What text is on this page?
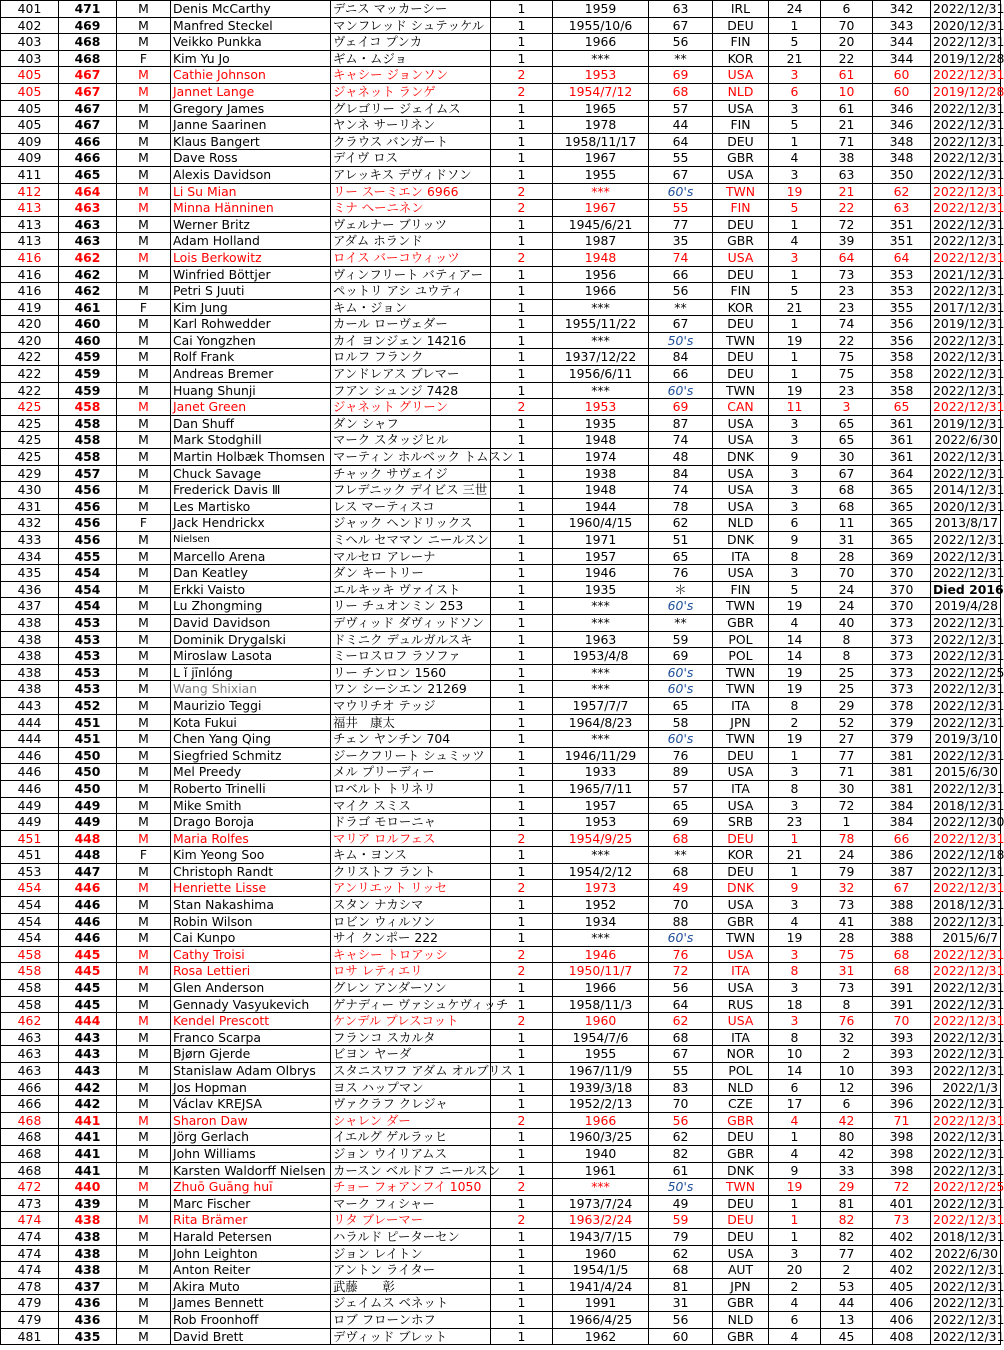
401	471	M	Denis McCarthy	デニス マッカーシー	1	1959	63	IRL	24	6	342	2022/12/31
402	469	M	Manfred Steckel	マンフレッド シュテッケル	1	1955/10/6	67	DEU	1	70	343	2020/12/31
403	468	M	Veikko Punkka	ヴェイコ プンカ	1	1966	56	FIN	5	20	344	2022/12/31
403	468	F	Kim Yu Jo	ギム・ムジョ	1	***	**	KOR	21	22	344	2019/12/28
405	467	M	Cathie Johnson	キャシー ジョンソン	2	1953	69	USA	3	61	60	2022/12/31
405	467	M	Jannet Lange	ジャネット ランゲ	2	1954/7/12	68	NLD	6	10	60	2019/12/28
405	467	M	Gregory James	グレゴリー ジェイムス	1	1965	57	USA	3	61	346	2022/12/31
405	467	M	Janne Saarinen	ヤンネ サーリネン	1	1978	44	FIN	5	21	346	2022/12/31
409	466	M	Klaus Bangert	クラウス バンガート	1	1958/11/17	64	DEU	1	71	348	2022/12/31
409	466	M	Dave Ross	デイヴ ロス	1	1967	55	GBR	4	38	348	2022/12/31
411	465	M	Alexis Davidson	アレッキス デヴィドソン	1	1955	67	USA	3	63	350	2022/12/31
412	464	M	Li Su Mian	リー スーミエン 6966	2	***	60's	TWN	19	21	62	2022/12/31
413	463	M	Minna Hänninen	ミナ へーニネン	2	1967	55	FIN	5	22	63	2022/12/31
413	463	M	Werner Britz	ヴェルナー ブリッツ	1	1945/6/21	77	DEU	1	72	351	2022/12/31
413	463	M	Adam Holland	アダム ホランド	1	1987	35	GBR	4	39	351	2022/12/31
416	462	M	Lois Berkowitz	ロイス バーコウィッツ	2	1948	74	USA	3	64	64	2022/12/31
416	462	M	Winfried Böttjer	ヴィンフリート バティアー	1	1956	66	DEU	1	73	353	2021/12/31
416	462	M	Petri S Juuti	ペットリ アシ ユウティ	1	1966	56	FIN	5	23	353	2022/12/31
419	461	F	Kim Jung	キム・ジョン	1	***	**	KOR	21	23	355	2017/12/31
420	460	M	Karl Rohwedder	カール ローヴェダー	1	1955/11/22	67	DEU	1	74	356	2019/12/31
420	460	M	Cai Yongzhen	カイ ヨンジェン 14216	1	***	50's	TWN	19	22	356	2022/12/31
422	459	M	Rolf Frank	ロルフ フランク	1	1937/12/22	84	DEU	1	75	358	2022/12/31
422	459	M	Andreas Bremer	アンドレアス ブレマー	1	1956/6/11	66	DEU	1	75	358	2022/12/31
422	459	M	Huang Shunji	フアン シュンジ 7428	1	***	60's	TWN	19	23	358	2022/12/31
425	458	M	Janet Green	ジャネット グリーン	2	1953	69	CAN	11	3	65	2022/12/31
425	458	M	Dan Shuff	ダン シャフ	1	1935	87	USA	3	65	361	2019/12/31
425	458	M	Mark Stodghill	マーク スタッジヒル	1	1948	74	USA	3	65	361	2022/6/30
425	458	M	Martin Holbæk Thomsen	マーティン ホルベック トムスン	1	1974	48	DNK	9	30	361	2022/12/31
429	457	M	Chuck Savage	チャック サヴェイジ	1	1938	84	USA	3	67	364	2022/12/31
430	456	M	Frederick Davis Ⅲ	フレデニック デイビス 三世	1	1948	74	USA	3	68	365	2014/12/31
431	456	M	Les Martisko	レス マーティスコ	1	1944	78	USA	3	68	365	2020/12/31
432	456	F	Jack Hendrickx	ジャック ヘンドリックス	1	1960/4/15	62	NLD	6	11	365	2013/8/17
433	456	M	Nielsen	ミヘル セママン ニールスン	1	1971	51	DNK	9	31	365	2022/12/31
434	455	M	Marcello Arena	マルセロ アレーナ	1	1957	65	ITA	8	28	369	2022/12/31
435	454	M	Dan Keatley	ダン キートリー	1	1946	76	USA	3	70	370	2022/12/31
436	454	M	Erkki Vaisto	エルキッキ ヴァイスト	1	1935	＊	FIN	5	24	370	Died 2016
437	454	M	Lu Zhongming	リー チュオンミン 253	1	***	60's	TWN	19	24	370	2019/4/28
438	453	M	David Davidson	デヴィッド ダヴィッドソン	1	***	**	GBR	4	40	373	2022/12/31
438	453	M	Dominik Drygalski	ドミニク デュルガルスキ	1	1963	59	POL	14	8	373	2022/12/31
438	453	M	Miroslaw Lasota	ミーロスロフ ラソファ	1	1953/4/8	69	POL	14	8	373	2022/12/31
438	453	M	L ǐ jīnlóng	リー チンロン 1560	1	***	60's	TWN	19	25	373	2022/12/25
438	453	M	Wang Shixian	ワン シーシエン 21269	1	***	60's	TWN	19	25	373	2022/12/31
443	452	M	Maurizio Teggi	マウリチオ テッジ	1	1957/7/7	65	ITA	8	29	378	2022/12/31
444	451	M	Kota Fukui	福井　康太	1	1964/8/23	58	JPN	2	52	379	2022/12/31
444	451	M	Chen Yang Qing	チェン ヤンチン 704	1	***	60's	TWN	19	27	379	2019/3/10
446	450	M	Siegfried Schmitz	ジークフリート シュミッツ	1	1946/11/29	76	DEU	1	77	381	2022/12/31
446	450	M	Mel Preedy	メル プリーディー	1	1933	89	USA	3	71	381	2015/6/30
446	450	M	Roberto Trinelli	ロベルト トリネリ	1	1965/7/11	57	ITA	8	30	381	2022/12/31
449	449	M	Mike Smith	マイク スミス	1	1957	65	USA	3	72	384	2018/12/31
449	449	M	Drago Boroja	ドラゴ モローニャ	1	1953	69	SRB	23	1	384	2022/12/30
451	448	M	Maria Rolfes	マリア ロルフェス	2	1954/9/25	68	DEU	1	78	66	2022/12/31
451	448	F	Kim Yeong Soo	キム・ヨンス	1	***	**	KOR	21	24	386	2022/12/18
453	447	M	Christoph Randt	クリストフ ラント	1	1954/2/12	68	DEU	1	79	387	2022/12/31
454	446	M	Henriette Lisse	アンリエット リッセ	2	1973	49	DNK	9	32	67	2022/12/31
454	446	M	Stan Nakashima	スタン ナカシマ	1	1952	70	USA	3	73	388	2018/12/31
454	446	M	Robin Wilson	ロビン ウィルソン	1	1934	88	GBR	4	41	388	2022/12/31
454	446	M	Cai Kunpo	サイ クンポー 222	1	***	60's	TWN	19	28	388	2015/6/7
458	445	M	Cathy Troisi	キャシー トロアッシ	2	1946	76	USA	3	75	68	2022/12/31
458	445	M	Rosa Lettieri	ロサ レティエリ	2	1950/11/7	72	ITA	8	31	68	2022/12/31
458	445	M	Glen Anderson	グレン アンダーソン	1	1966	56	USA	3	73	391	2022/12/31
458	445	M	Gennady Vasyukevich	ゲナディー ヴァシュケヴィッチ	1	1958/11/3	64	RUS	18	8	391	2022/12/31
462	444	M	Kendel Prescott	ケンデル プレスコット	2	1960	62	USA	3	76	70	2022/12/31
463	443	M	Franco Scarpa	フランコ スカルタ	1	1954/7/6	68	ITA	8	32	393	2022/12/31
463	443	M	Bjørn Gjerde	ビヨン ヤーダ	1	1955	67	NOR	10	2	393	2022/12/31
463	443	M	Stanislaw Adam Olbrys	スタニスワフ アダム オルブリス	1	1967/11/9	55	POL	14	10	393	2022/12/31
466	442	M	Jos Hopman	ヨス ハップマン	1	1939/3/18	83	NLD	6	12	396	2022/1/3
466	442	M	Václav KREJSA	ヴァクラフ クレジャ	1	1952/2/13	70	CZE	17	6	396	2022/12/31
468	441	M	Sharon Daw	シャレン ダー	2	1966	56	GBR	4	42	71	2022/12/31
468	441	M	Jörg Gerlach	イエルグ ゲルラッヒ	1	1960/3/25	62	DEU	1	80	398	2022/12/31
468	441	M	John Williams	ジョン ウイリアムス	1	1940	82	GBR	4	42	398	2022/12/31
468	441	M	Karsten Waldorff Nielsen	カースン ベルドフ ニールスン	1	1961	61	DNK	9	33	398	2022/12/31
472	440	M	Zhuō Guāng huī	チョー フォアンフイ 1050	2	***	50's	TWN	19	29	72	2022/12/25
473	439	M	Marc Fischer	マーク フィシャー	1	1973/7/24	49	DEU	1	81	401	2022/12/31
474	438	M	Rita Brämer	リタ ブレーマー	2	1963/2/24	59	DEU	1	82	73	2022/12/31
474	438	M	Harald Petersen	ハラルド ピーターセン	1	1943/7/15	79	DEU	1	82	402	2018/12/31
474	438	M	John Leighton	ジョン レイトン	1	1960	62	USA	3	77	402	2022/6/30
474	438	M	Anton Reiter	アントン ライター	1	1954/1/5	68	AUT	20	2	402	2022/12/31
478	437	M	Akira Muto	武藤　　彰	1	1941/4/24	81	JPN	2	53	405	2022/12/31
479	436	M	James Bennett	ジェイムス ベネット	1	1991	31	GBR	4	44	406	2022/12/31
479	436	M	Rob Froonhoff	ロブ フローンホフ	1	1966/4/25	56	NLD	6	13	406	2022/12/31
481	435	M	David Brett	デヴィッド ブレット	1	1962	60	GBR	4	45	408	2022/12/31
